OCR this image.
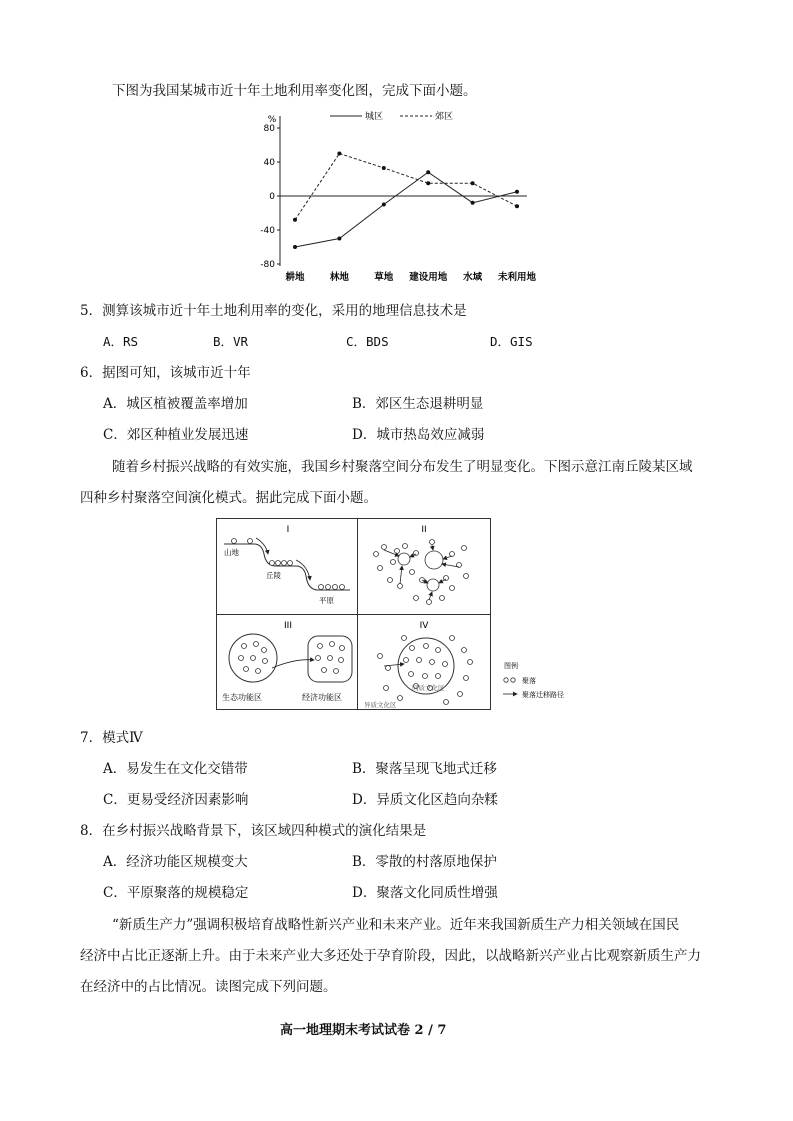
下图为我国某城市近十年土地利用率变化图，完成下面小题。
%
80
40
0
-40
-80
耕地	林地	草地 建设用地 水域 未利用地
城区	郊区
5．测算该城市近十年土地利用率的变化，采用的地理信息技术是
A．RS	B．VR	C．BDS	D．GIS
6．据图可知，该城市近十年
A．城区植被覆盖率增加	B．郊区生态退耕明显
C．郊区种植业发展迅速	D．城市热岛效应减弱
随着乡村振兴战略的有效实施，我国乡村聚落空间分布发生了明显变化。下图示意江南丘陵某区域
四种乡村聚落空间演化模式。据此完成下面小题。
I
山地
丘陵
平原
II
III
生态功能区	经济功能区
IV
同质文化区
异质文化区
图例
聚落
聚落迁移路径
7．模式Ⅳ
A．易发生在文化交错带	B．聚落呈现飞地式迁移
C．更易受经济因素影响	D．异质文化区趋向杂糅
8．在乡村振兴战略背景下，该区域四种模式的演化结果是
A．经济功能区规模变大	B．零散的村落原地保护
C．平原聚落的规模稳定	D．聚落文化同质性增强
“新质生产力”强调积极培育战略性新兴产业和未来产业。近年来我国新质生产力相关领域在国民
经济中占比正逐渐上升。由于未来产业大多还处于孕育阶段，因此，以战略新兴产业占比观察新质生产力
在经济中的占比情况。读图完成下列问题。
高一地理期末考试试卷 2 / 7
